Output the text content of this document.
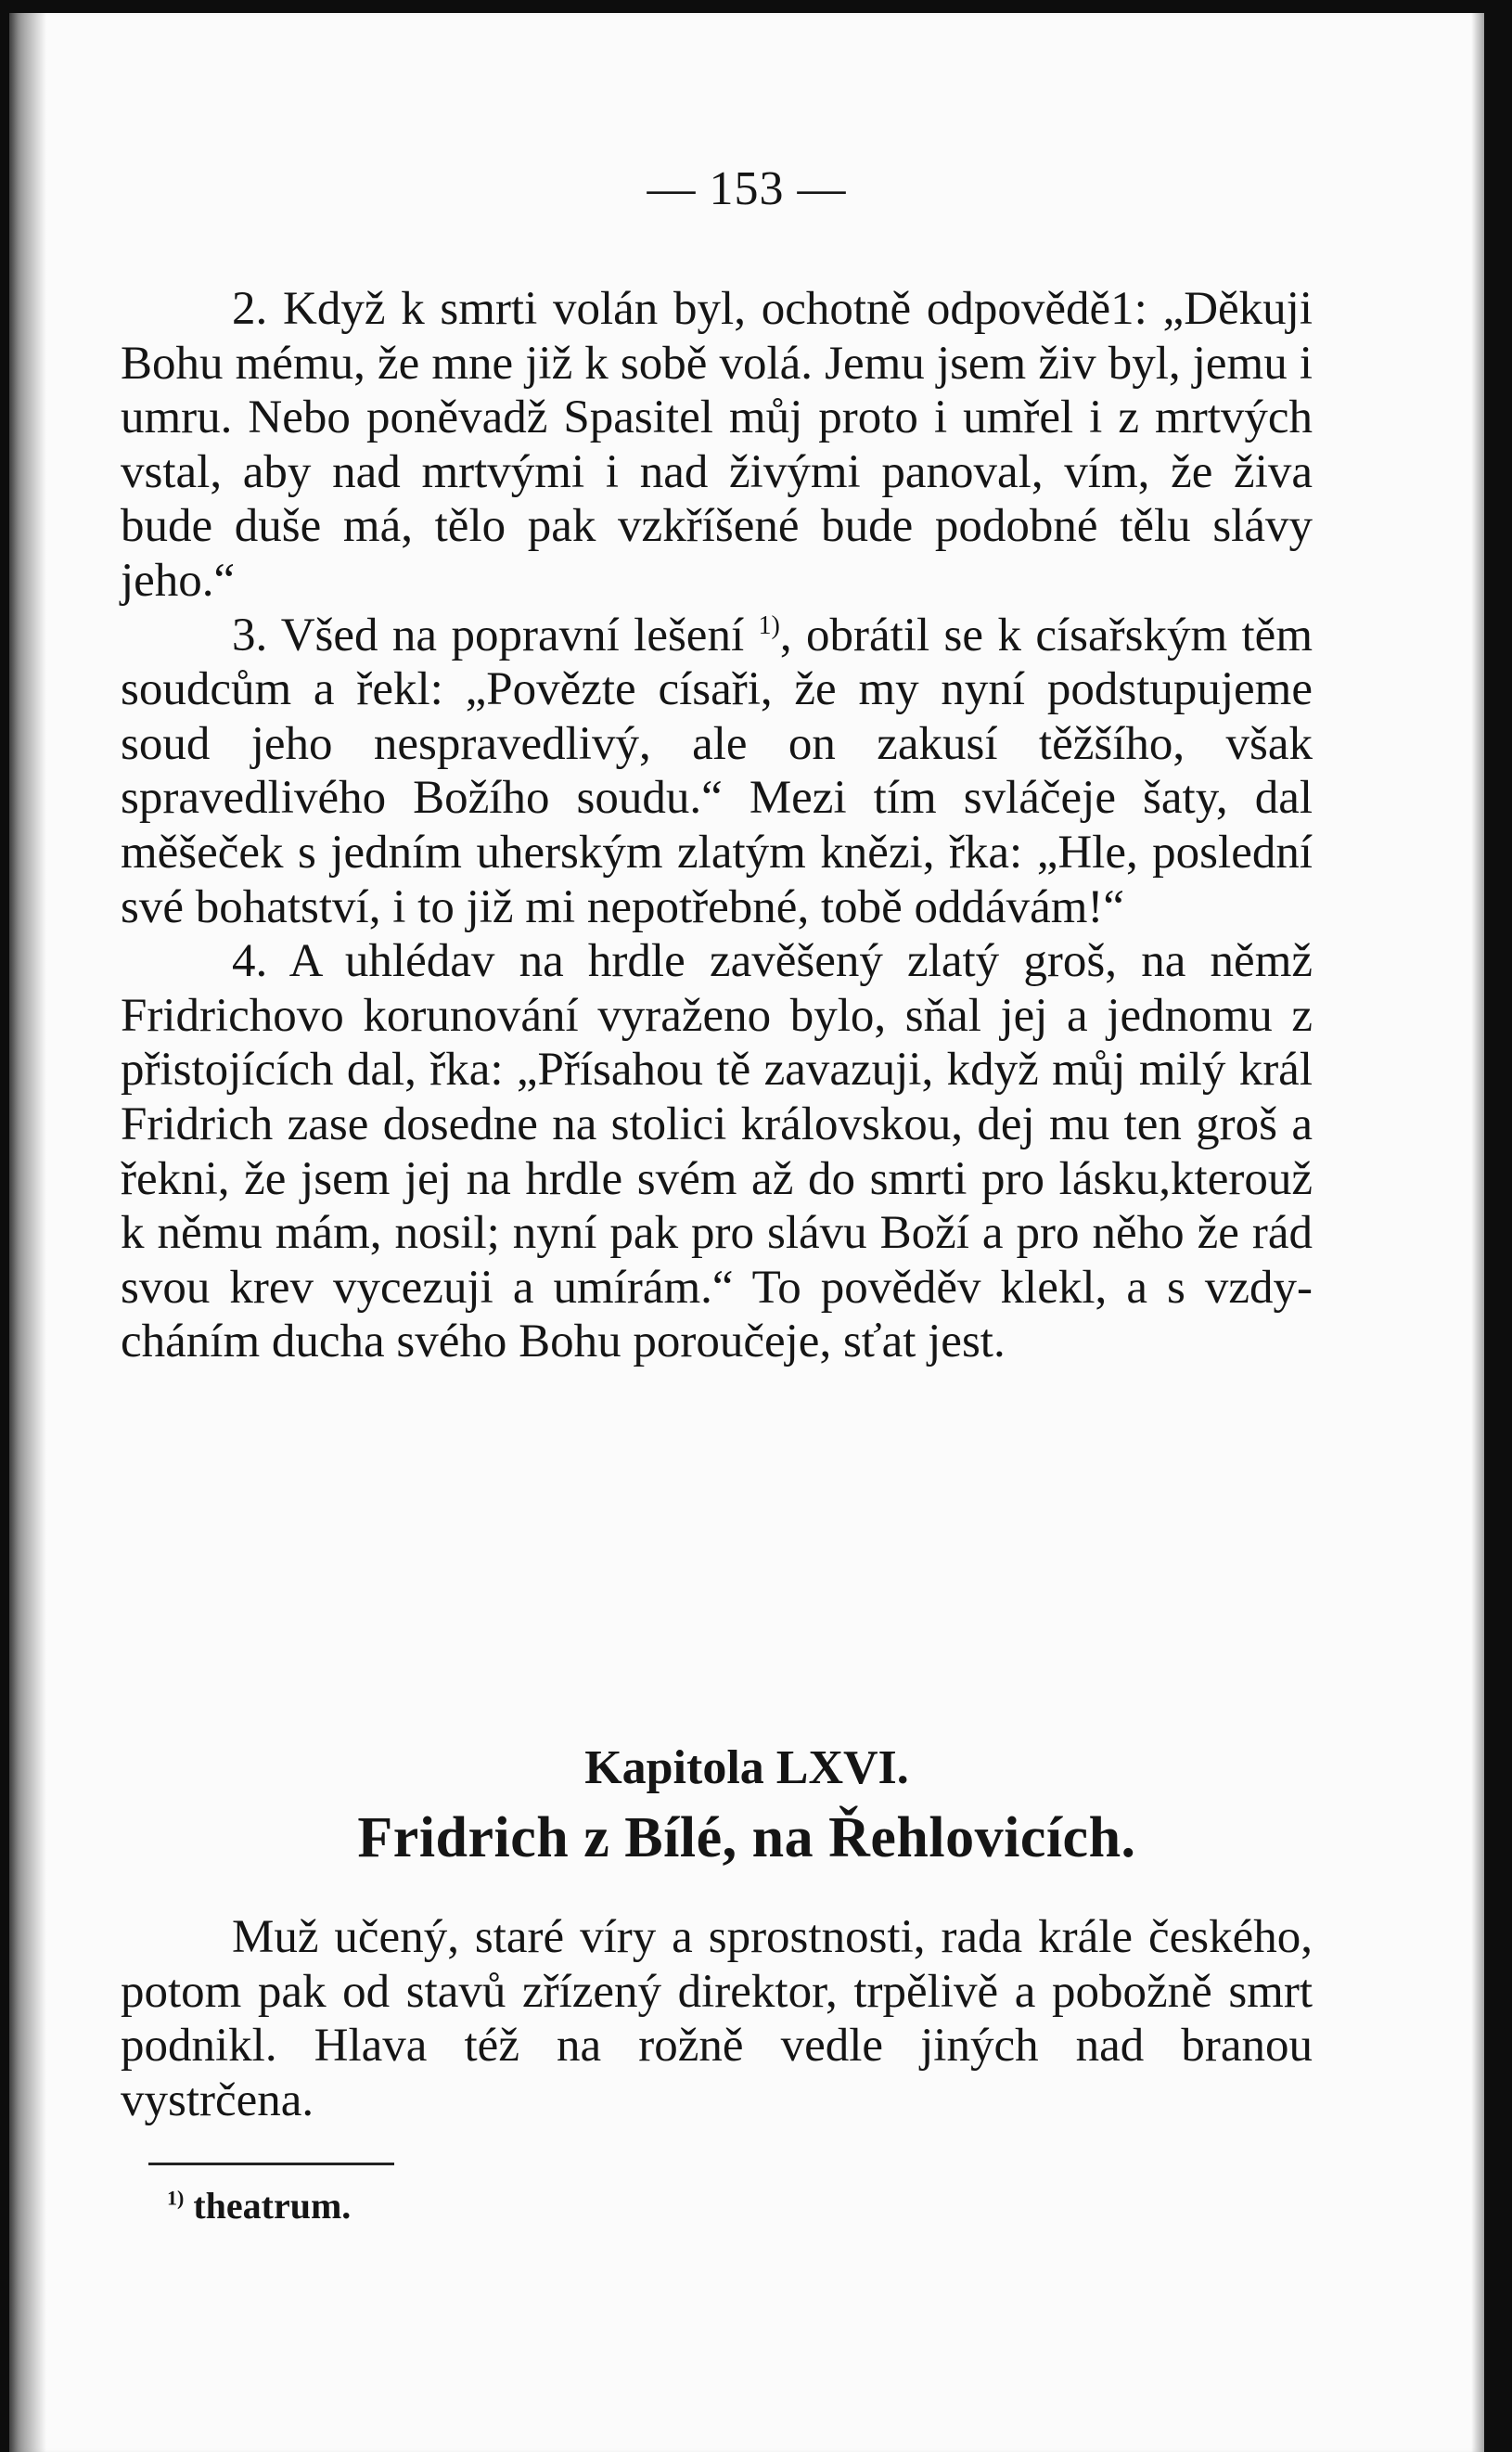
— 153 —

2. Když k smrti volán byl, ochotně odpovědě1: „Děkuji Bohu mému, že mne již k sobě volá. Jemu jsem živ byl, jemu i umru. Nebo poněvadž Spasitel můj proto i umřel i z mrtvých vstal, aby nad mrtvými i nad živými panoval, vím, že živa bude duše má, tělo pak vzkříšené bude podobné tělu slávy jeho.“

3. Všed na popravní lešení $^{1)}$, obrátil se k císařským těm soudcům a řekl: „Povězte císaři, že my nyní podstupujeme soud jeho nespravedlivý, ale on zakusí těžšího, však spravedlivého Božího soudu.“ Mezi tím svláčeje šaty, dal měšeček s jedním uherským zlatým knězi, řka: „Hle, poslední své bohatství, i to již mi nepotřebné, tobě oddávám!“

4. A uhlédav na hrdle zavěšený zlatý groš, na němž Fridrichovo korunování vyraženo bylo, sňal jej a jednomu z přistojících dal, řka: „Přísahou tě zavazuji, když můj milý král Fridrich zase dosedne na stolici královskou, dej mu ten groš a řekni, že jsem jej na hrdle svém až do smrti pro lásku,kterouž k němu mám, nosil; nyní pak pro slávu Boží a pro něho že rád svou krev vycezuji a umírám.“ To pověděv klekl, a s vzdycháním ducha svého Bohu poroučeje, sťat jest.

Kapitola LXVI.
Fridrich z Bílé, na Řehlovicích.

Muž učený, staré víry a sprostnosti, rada krále českého, potom pak od stavů zřízený direktor, trpělivě a pobožně smrt podnikl. Hlava též na rožně vedle jiných nad branou vystrčena.

$^{1)}$ theatrum.
